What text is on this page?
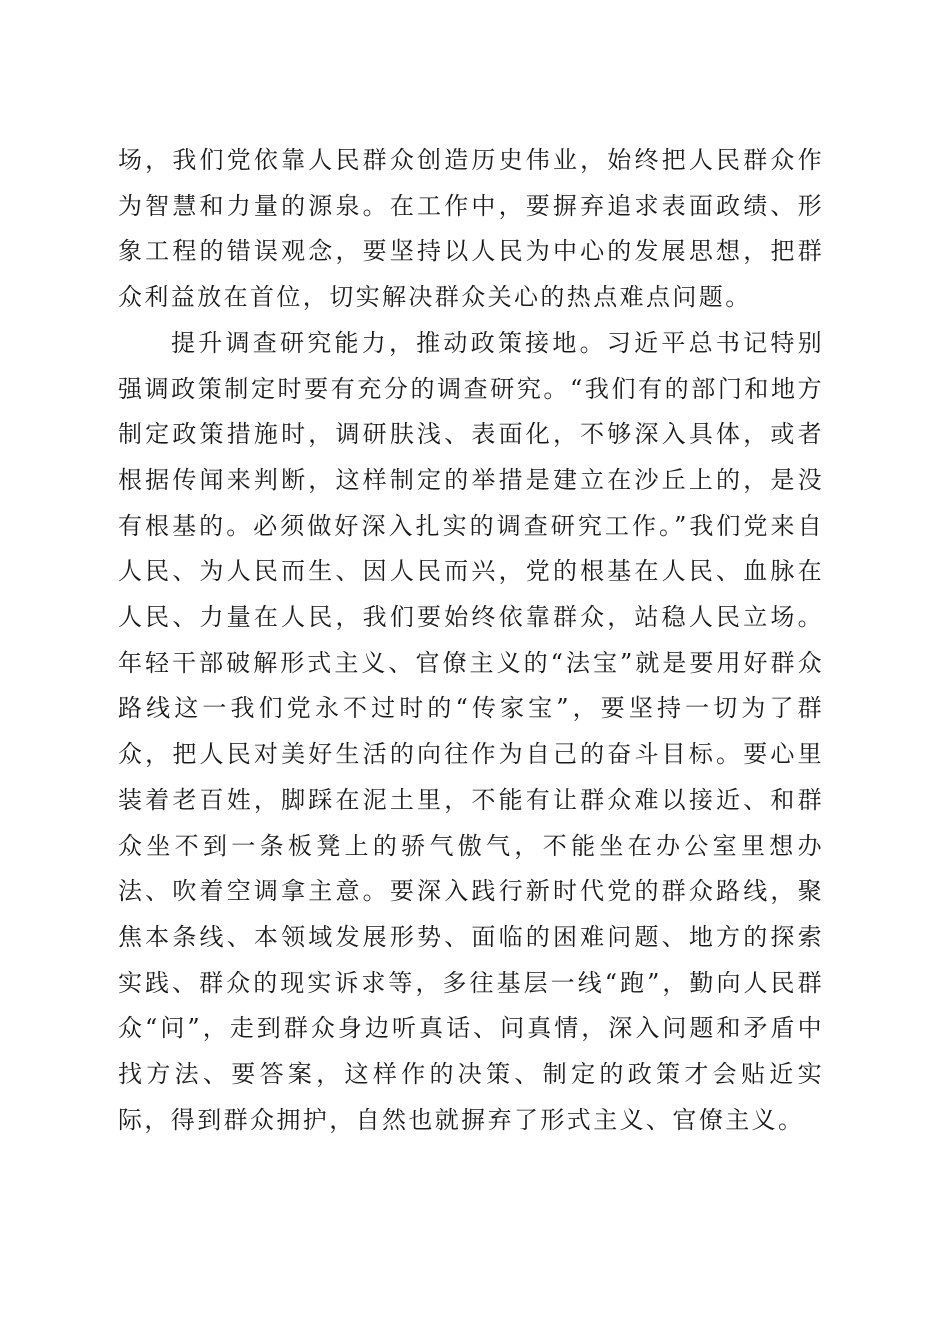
场，我们党依靠人民群众创造历史伟业，始终把人民群众作为智慧和力量的源泉。在工作中，要摒弃追求表面政绩、形象工程的错误观念，要坚持以人民为中心的发展思想，把群众利益放在首位，切实解决群众关心的热点难点问题。

提升调查研究能力，推动政策接地。习近平总书记特别强调政策制定时要有充分的调查研究。“我们有的部门和地方制定政策措施时，调研肤浅、表面化，不够深入具体，或者根据传闻来判断，这样制定的举措是建立在沙丘上的，是没有根基的。必须做好深入扎实的调查研究工作。”我们党来自人民、为人民而生、因人民而兴，党的根基在人民、血脉在人民、力量在人民，我们要始终依靠群众，站稳人民立场。年轻干部破解形式主义、官僚主义的“法宝”就是要用好群众路线这一我们党永不过时的“传家宝”，要坚持一切为了群众，把人民对美好生活的向往作为自己的奋斗目标。要心里装着老百姓，脚踩在泥土里，不能有让群众难以接近、和群众坐不到一条板凳上的骄气傲气，不能坐在办公室里想办法、吹着空调拿主意。要深入践行新时代党的群众路线，聚焦本条线、本领域发展形势、面临的困难问题、地方的探索实践、群众的现实诉求等，多往基层一线“跑”，勤向人民群众“问”，走到群众身边听真话、问真情，深入问题和矛盾中找方法、要答案，这样作的决策、制定的政策才会贴近实际，得到群众拥护，自然也就摒弃了形式主义、官僚主义。
